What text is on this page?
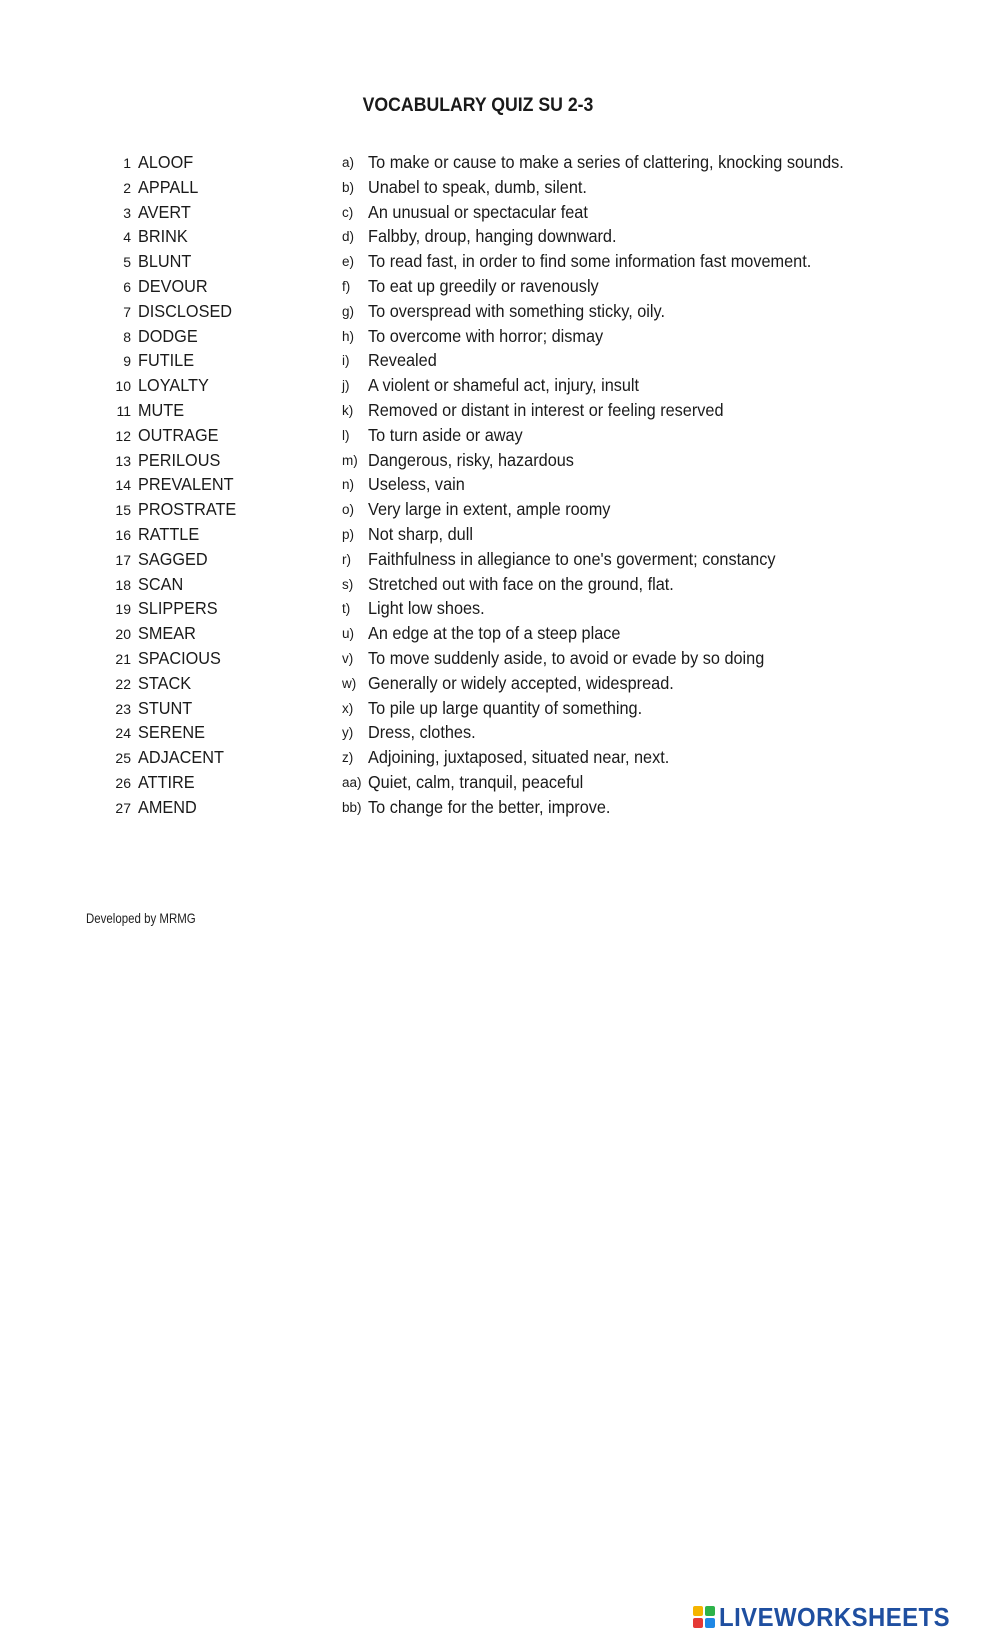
VOCABULARY QUIZ SU 2-3
1 ALOOF	a) To make or cause to make a series of clattering, knocking sounds.
2 APPALL	b) Unabel to speak, dumb, silent.
3 AVERT	c) An unusual or spectacular feat
4 BRINK	d) Falbby, droup, hanging downward.
5 BLUNT	e) To read fast, in order to find some information fast movement.
6 DEVOUR	f) To eat up greedily or ravenously
7 DISCLOSED	g) To overspread with something sticky, oily.
8 DODGE	h) To overcome with horror; dismay
9 FUTILE	i) Revealed
10 LOYALTY	j) A violent or shameful act, injury, insult
11 MUTE	k) Removed or distant in interest or feeling reserved
12 OUTRAGE	l) To turn aside or away
13 PERILOUS	m) Dangerous, risky, hazardous
14 PREVALENT	n) Useless, vain
15 PROSTRATE	o) Very large in extent, ample roomy
16 RATTLE	p) Not sharp, dull
17 SAGGED	r) Faithfulness in allegiance to one's goverment; constancy
18 SCAN	s) Stretched out with face on the ground, flat.
19 SLIPPERS	t) Light low shoes.
20 SMEAR	u) An edge at the top of a steep place
21 SPACIOUS	v) To move suddenly aside, to avoid or evade by so doing
22 STACK	w) Generally or widely accepted, widespread.
23 STUNT	x) To pile up large quantity of something.
24 SERENE	y) Dress, clothes.
25 ADJACENT	z) Adjoining, juxtaposed, situated near, next.
26 ATTIRE	aa) Quiet, calm, tranquil, peaceful
27 AMEND	bb) To change for the better, improve.
Developed by MRMG
LIVEWORKSHEETS
